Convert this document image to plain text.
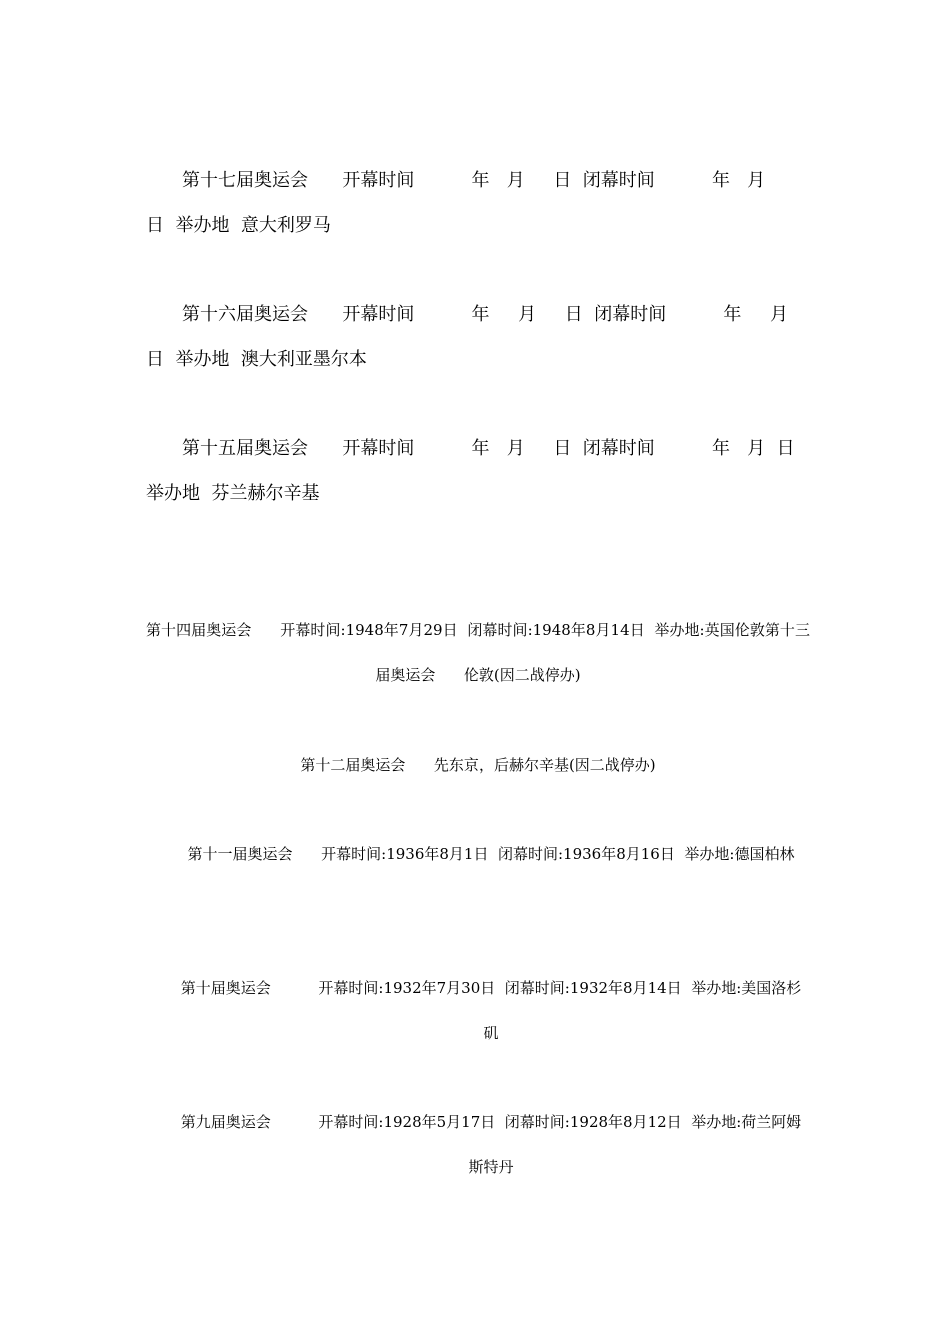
第十七届奥运会      开幕时间          年   月     日  闭幕时间          年   月     日  举办地  意大利罗马

第十六届奥运会      开幕时间          年     月     日  闭幕时间          年     月   日  举办地  澳大利亚墨尔本

第十五届奥运会      开幕时间          年   月     日  闭幕时间          年   月  日  举办地  芬兰赫尔辛基

第十四届奥运会      开幕时间:1948年7月29日  闭幕时间:1948年8月14日  举办地:英国伦敦第十三届奥运会      伦敦(因二战停办)

第十二届奥运会      先东京，后赫尔辛基(因二战停办)

第十一届奥运会      开幕时间:1936年8月1日  闭幕时间:1936年8月16日  举办地:德国柏林

第十届奥运会          开幕时间:1932年7月30日  闭幕时间:1932年8月14日  举办地:美国洛杉矶

第九届奥运会          开幕时间:1928年5月17日  闭幕时间:1928年8月12日  举办地:荷兰阿姆斯特丹
